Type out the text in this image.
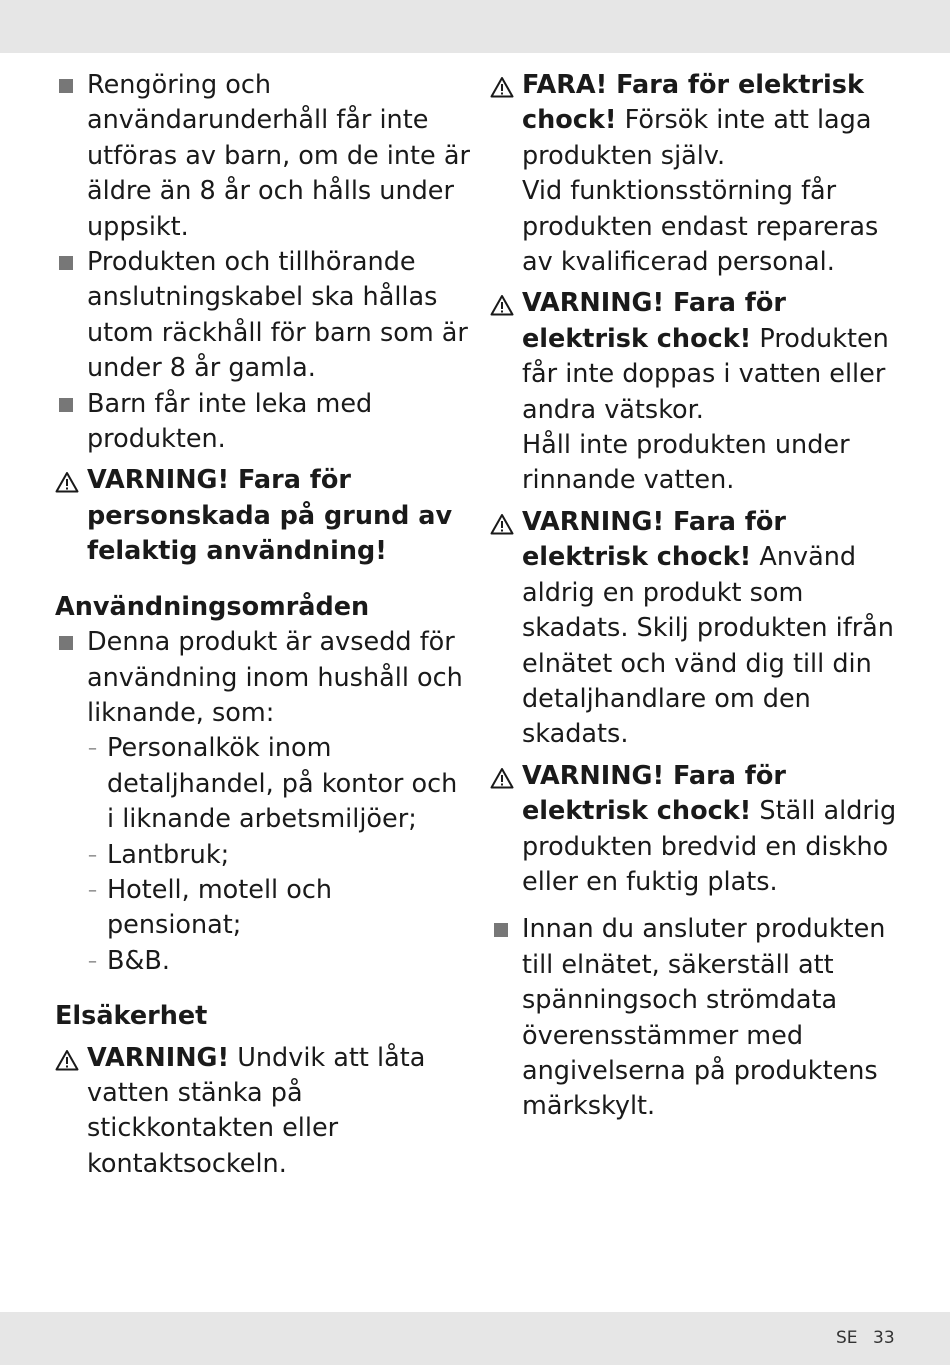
Rengöring och användarunderhåll får inte utföras av barn, om de inte är äldre än 8 år och hålls under uppsikt.
Produkten och tillhörande anslutningskabel ska hållas utom räckhåll för barn som är under 8 år gamla.
Barn får inte leka med produkten.
VARNING! Fara för personskada på grund av felaktig användning!
Användningsområden
Denna produkt är avsedd för användning inom hushåll och liknande, som:
– Personalkök inom detaljhandel, på kontor och i liknande arbetsmiljöer;
– Lantbruk;
– Hotell, motell och pensionat;
– B&B.
Elsäkerhet
VARNING! Undvik att låta vatten stänka på stickkontakten eller kontaktsockeln.
FARA! Fara för elektrisk chock! Försök inte att laga produkten själv.
Vid funktionsstörning får produkten endast repareras av kvalificerad personal.
VARNING! Fara för elektrisk chock! Produkten får inte doppas i vatten eller andra vätskor.
Håll inte produkten under rinnande vatten.
VARNING! Fara för elektrisk chock! Använd aldrig en produkt som skadats. Skilj produkten ifrån elnätet och vänd dig till din detaljhandlare om den skadats.
VARNING! Fara för elektrisk chock! Ställ aldrig produkten bredvid en diskho eller en fuktig plats.
Innan du ansluter produkten till elnätet, säkerställ att spänningsoch strömdata överensstämmer med angivelserna på produktens märkskylt.
SE 33
